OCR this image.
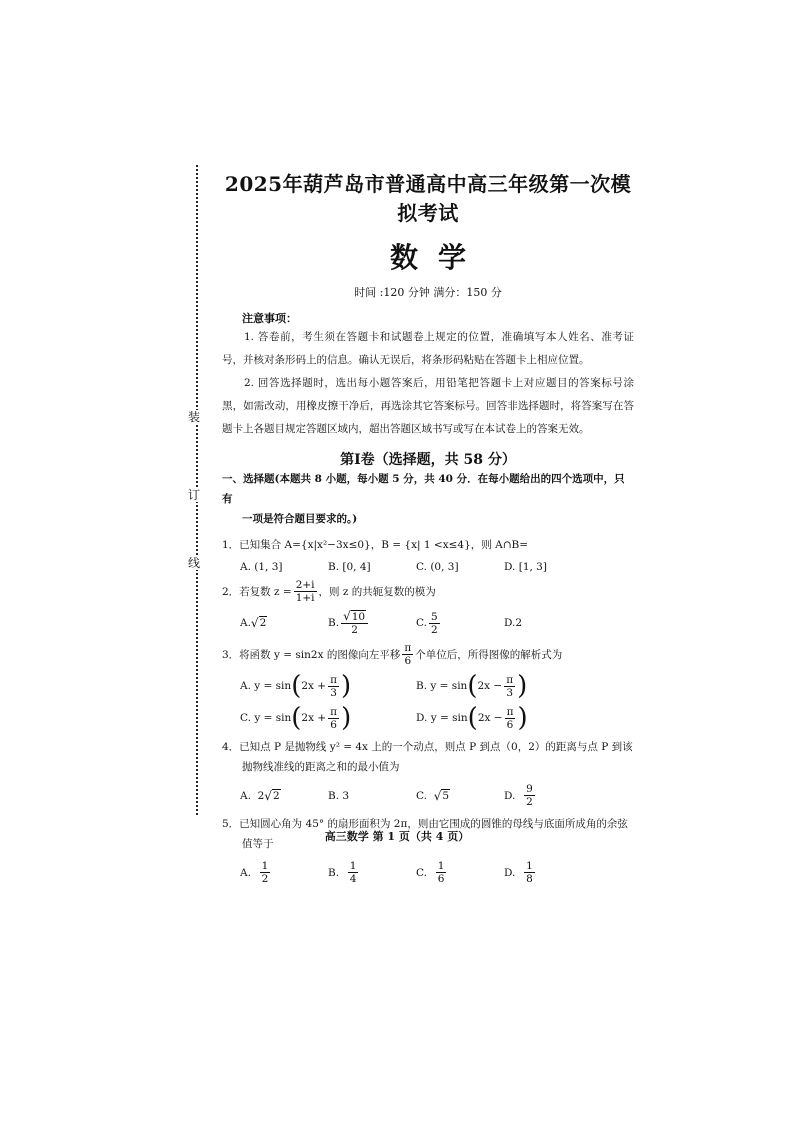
装
订
线
2025年葫芦岛市普通高中高三年级第一次模拟考试
数学
时间 :120 分钟 满分：150 分
注意事项：
1. 答卷前，考生须在答题卡和试题卷上规定的位置，准确填写本人姓名、准考证号，并核对条形码上的信息。确认无误后，将条形码粘贴在答题卡上相应位置。
2. 回答选择题时，选出每小题答案后，用铅笔把答题卡上对应题目的答案标号涂黑，如需改动，用橡皮擦干净后，再选涂其它答案标号。回答非选择题时，将答案写在答题卡上各题目规定答题区域内，超出答题区域书写或写在本试卷上的答案无效。
第Ⅰ卷（选择题，共 58 分）
一、选择题(本题共 8 小题，每小题 5 分，共 40 分．在每小题给出的四个选项中，只有
一项是符合题目要求的。)
1．已知集合 A={x|x²−3x≤0}，B = {x| 1 <x≤4}，则 A∩B=
A. (1, 3]	B. [0, 4]	C. (0, 3]	D. [1, 3]
2．若复数 $z = \frac{2+i}{1+i}$ ，则 z 的共轭复数的模为
A. √ 2	B. $\frac{√ 10}{2}$	C. $\frac{5}{2}$	D.2
3．将函数 y = sin2x 的图像向左平移 $\frac{\pi}{6}$ 个单位后，所得图像的解析式为
A.
y = sin ( $2x + \frac{\pi}{3}$ )	B.
y = sin ( $2x - \frac{\pi}{3}$ )
C.
y = sin ( $2x + \frac{\pi}{6}$ )	D.
y = sin ( $2x - \frac{\pi}{6}$ )
4．已知点 P 是抛物线 y² = 4x 上的一个动点，则点 P 到点（0，2）的距离与点 P 到该
抛物线准线的距离之和的最小值为
A.
2 √ 2	B. 3	C.
√ 5	D.
$\frac{9}{2}$
5．已知圆心角为 45° 的扇形面积为 2π，则由它围成的圆锥的母线与底面所成角的余弦
值等于
A.
$\frac{1}{2}$	B.
$\frac{1}{4}$	C.
$\frac{1}{6}$	D.
$\frac{1}{8}$
高三数学 第 1 页（共 4 页）
